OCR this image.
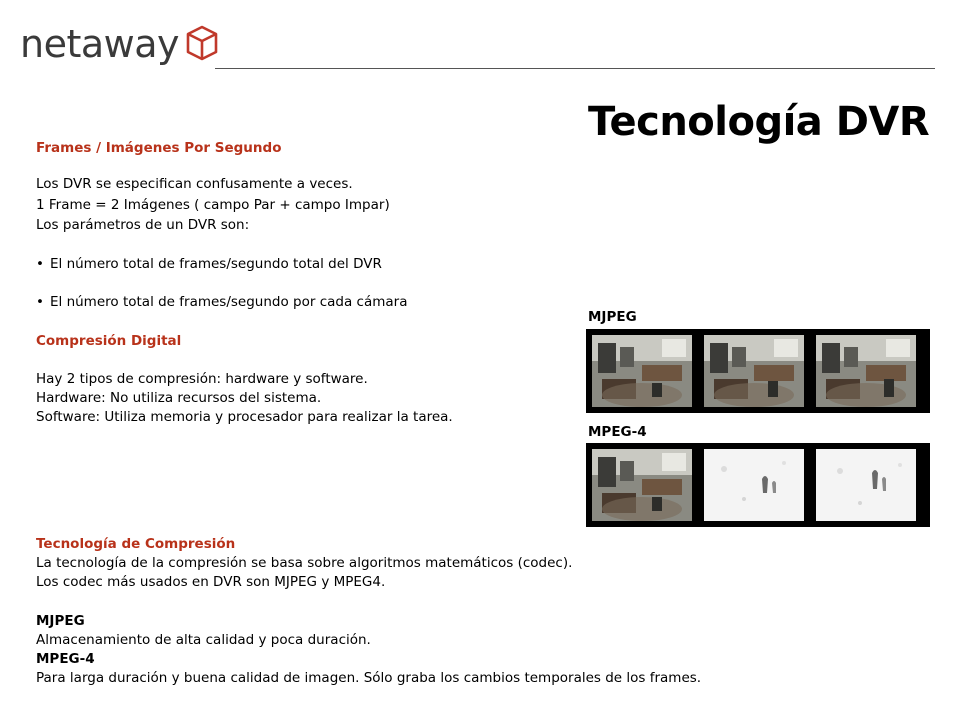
netaway
Tecnología DVR
Frames / Imágenes Por Segundo
Los DVR se especifican confusamente a veces.
1 Frame = 2 Imágenes ( campo Par + campo Impar)
Los parámetros de un DVR son:
• El número total de frames/segundo total del DVR
• El número total de frames/segundo por cada cámara
Compresión Digital
Hay 2 tipos de compresión: hardware y software.
Hardware: No utiliza recursos del sistema.
Software: Utiliza memoria y procesador para realizar la tarea.
Tecnología de Compresión
La tecnología de la compresión se basa sobre algoritmos matemáticos (codec).
Los codec más usados en DVR son MJPEG y MPEG4.
MJPEG
Almacenamiento de alta calidad y poca duración.
MPEG-4
Para larga duración y buena calidad de imagen. Sólo graba los cambios temporales de los frames.
MJPEG
MPEG-4
